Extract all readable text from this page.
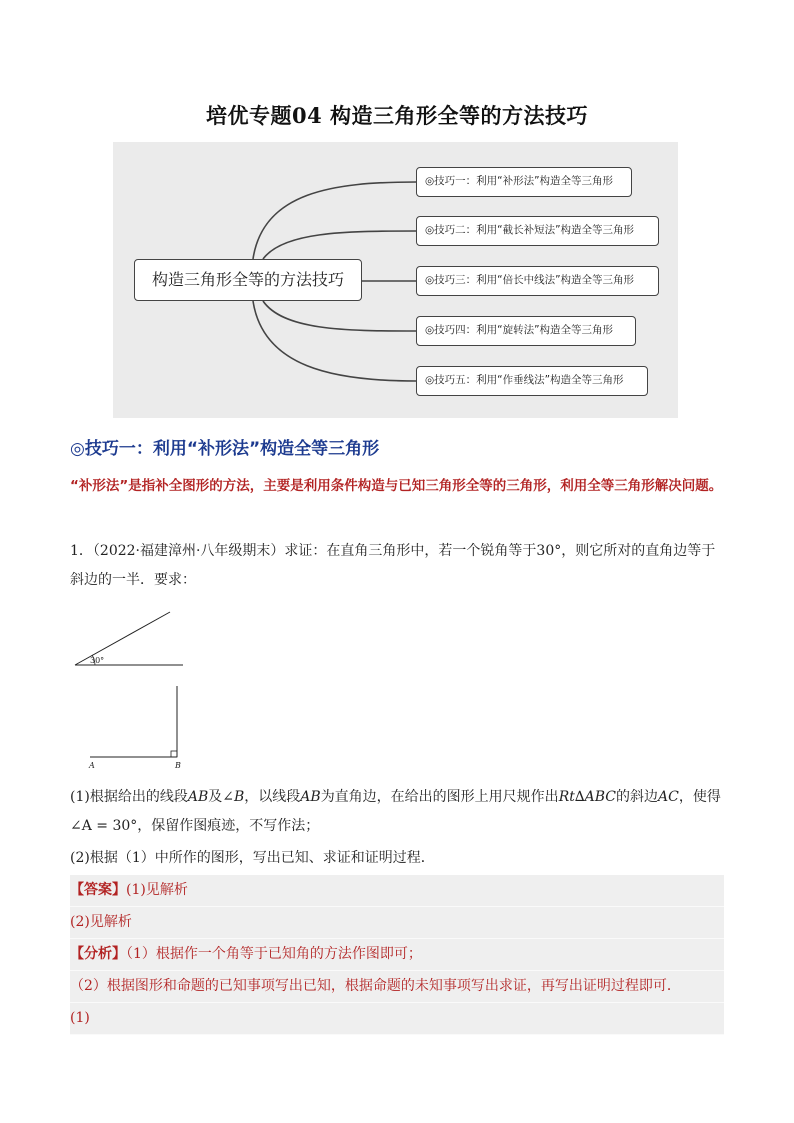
培优专题04 构造三角形全等的方法技巧
构造三角形全等的方法技巧
◎技巧一：利用“补形法”构造全等三角形
◎技巧二：利用“截长补短法”构造全等三角形
◎技巧三：利用“倍长中线法”构造全等三角形
◎技巧四：利用“旋转法”构造全等三角形
◎技巧五：利用“作垂线法”构造全等三角形
◎技巧一：利用“补形法”构造全等三角形
“补形法”是指补全图形的方法，主要是利用条件构造与已知三角形全等的三角形，利用全等三角形解决问题。
1．（2022·福建漳州·八年级期末）求证：在直角三角形中，若一个锐角等于30°，则它所对的直角边等于斜边的一半．要求：
30°
A	B
(1)根据给出的线段AB及∠B，以线段AB为直角边，在给出的图形上用尺规作出Rt∆ABC的斜边AC，使得∠A = 30°，保留作图痕迹，不写作法；
(2)根据（1）中所作的图形，写出已知、求证和证明过程．
【答案】(1)见解析
(2)见解析
【分析】（1）根据作一个角等于已知角的方法作图即可；
（2）根据图形和命题的已知事项写出已知，根据命题的未知事项写出求证，再写出证明过程即可．
(1)
